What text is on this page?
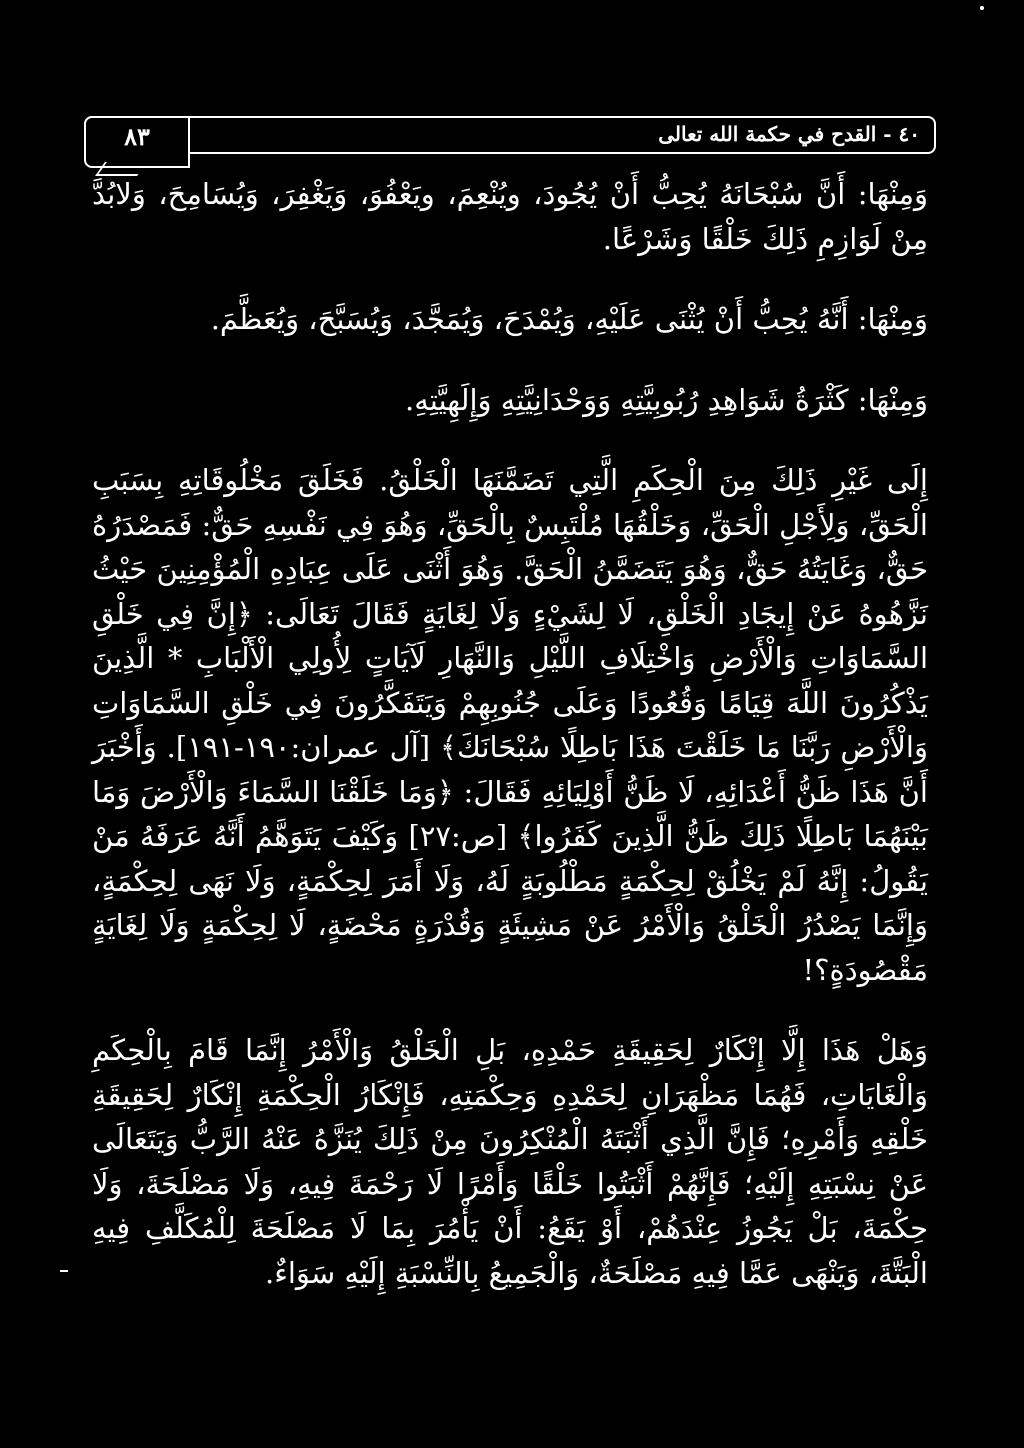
٨٣	٤٠ - القدح في حكمة الله تعالى

وَمِنْهَا: أَنَّ سُبْحَانَهُ يُحِبُّ أَنْ يُجُودَ، ويُنْعِمَ، ويَعْفُوَ، وَيَغْفِرَ، وَيُسَامِحَ، وَلابُدَّ مِنْ لَوَازِمِ ذَلِكَ خَلْقًا وَشَرْعًا.

وَمِنْهَا: أَنَّهُ يُحِبُّ أَنْ يُثْنَى عَلَيْهِ، وَيُمْدَحَ، وَيُمَجَّدَ، وَيُسَبَّحَ، وَيُعَظَّمَ.

وَمِنْهَا: كَثْرَةُ شَوَاهِدِ رُبُوبِيَّتِهِ وَوَحْدَانِيَّتِهِ وَإِلَهِيَّتِهِ.

إِلَى غَيْرِ ذَلِكَ مِنَ الْحِكَمِ الَّتِي تَضَمَّنَهَا الْخَلْقُ. فَخَلَقَ مَخْلُوقَاتِهِ بِسَبَبِ الْحَقِّ، وَلِأَجْلِ الْحَقِّ، وَخَلْقُهَا مُلْتَبِسٌ بِالْحَقِّ، وَهُوَ فِي نَفْسِهِ حَقٌّ: فَمَصْدَرُهُ حَقٌّ، وَغَايَتُهُ حَقٌّ، وَهُوَ يَتَضَمَّنُ الْحَقَّ. وَهُوَ أَثْنَى عَلَى عِبَادِهِ الْمُؤْمِنِينَ حَيْثُ نَزَّهُوهُ عَنْ إِيجَادِ الْخَلْقِ، لَا لِشَيْءٍ وَلَا لِغَايَةٍ فَقَالَ تَعَالَى: ﴿إِنَّ فِي خَلْقِ السَّمَاوَاتِ وَالْأَرْضِ وَاخْتِلَافِ اللَّيْلِ وَالنَّهَارِ لَآيَاتٍ لِأُولِي الْأَلْبَابِ * الَّذِينَ يَذْكُرُونَ اللَّهَ قِيَامًا وَقُعُودًا وَعَلَى جُنُوبِهِمْ وَيَتَفَكَّرُونَ فِي خَلْقِ السَّمَاوَاتِ وَالْأَرْضِ رَبَّنَا مَا خَلَقْتَ هَذَا بَاطِلًا سُبْحَانَكَ﴾ [آل عمران:١٩٠-١٩١]. وَأَخْبَرَ أَنَّ هَذَا ظَنُّ أَعْدَائِهِ، لَا ظَنُّ أَوْلِيَائِهِ فَقَالَ: ﴿وَمَا خَلَقْنَا السَّمَاءَ وَالْأَرْضَ وَمَا بَيْنَهُمَا بَاطِلًا ذَلِكَ ظَنُّ الَّذِينَ كَفَرُوا﴾ [ص:٢٧] وَكَيْفَ يَتَوَهَّمُ أَنَّهُ عَرَفَهُ مَنْ يَقُولُ: إِنَّهُ لَمْ يَخْلُقْ لِحِكْمَةٍ مَطْلُوبَةٍ لَهُ، وَلَا أَمَرَ لِحِكْمَةٍ، وَلَا نَهَى لِحِكْمَةٍ، وَإِنَّمَا يَصْدُرُ الْخَلْقُ وَالْأَمْرُ عَنْ مَشِيئَةٍ وَقُدْرَةٍ مَحْضَةٍ، لَا لِحِكْمَةٍ وَلَا لِغَايَةٍ مَقْصُودَةٍ؟!

وَهَلْ هَذَا إِلَّا إِنْكَارٌ لِحَقِيقَةِ حَمْدِهِ، بَلِ الْخَلْقُ وَالْأَمْرُ إِنَّمَا قَامَ بِالْحِكَمِ وَالْغَايَاتِ، فَهُمَا مَظْهَرَانِ لِحَمْدِهِ وَحِكْمَتِهِ، فَإِنْكَارُ الْحِكْمَةِ إِنْكَارٌ لِحَقِيقَةِ خَلْقِهِ وَأَمْرِهِ؛ فَإِنَّ الَّذِي أَثْبَتَهُ الْمُنْكِرُونَ مِنْ ذَلِكَ يُنَزَّهُ عَنْهُ الرَّبُّ وَيَتَعَالَى عَنْ نِسْبَتِهِ إِلَيْهِ؛ فَإِنَّهُمْ أَثْبَتُوا خَلْقًا وَأَمْرًا لَا رَحْمَةَ فِيهِ، وَلَا مَصْلَحَةَ، وَلَا حِكْمَةَ، بَلْ يَجُوزُ عِنْدَهُمْ، أَوْ يَقَعُ: أَنْ يَأْمُرَ بِمَا لَا مَصْلَحَةَ لِلْمُكَلَّفِ فِيهِ الْبَتَّةَ، وَيَنْهَى عَمَّا فِيهِ مَصْلَحَةٌ، وَالْجَمِيعُ بِالنِّسْبَةِ إِلَيْهِ سَوَاءٌ.
